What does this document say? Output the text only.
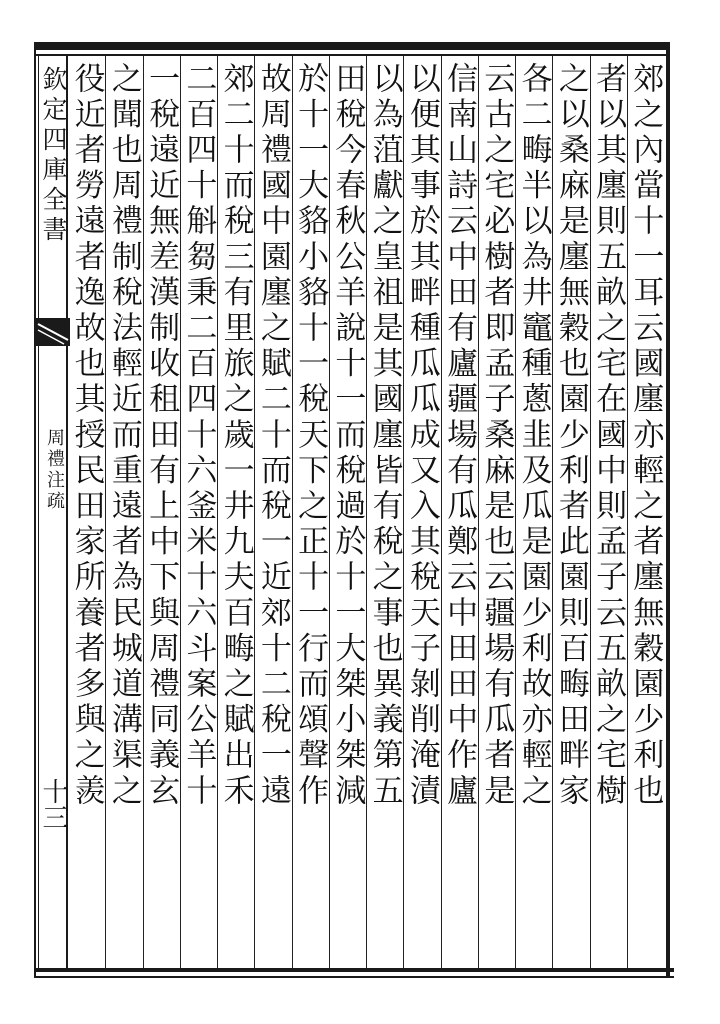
欽定四庫全書
周禮注疏
十三	郊之內當十一耳云國廛亦輕之者廛無穀園少利也
者以其廛則五畝之宅在國中則孟子云五畝之宅樹
之以桑麻是廛無穀也園少利者此園則百畮田畔家
各二畮半以為井竈種蔥韭及瓜是園少利故亦輕之
云古之宅必樹者即孟子桑麻是也云疆場有瓜者是
信南山詩云中田有廬疆場有瓜鄭云中田田中作廬
以便其事於其畔種瓜瓜成又入其稅天子剝削淹漬
以為菹獻之皇祖是其國廛皆有稅之事也異義第五
田稅今春秋公羊說十一而稅過於十一大桀小桀減
於十一大貉小貉十一稅天下之正十一行而頌聲作
故周禮國中園廛之賦二十而稅一近郊十二稅一遠
郊二十而稅三有里旅之歲一井九夫百畮之賦出禾
二百四十斛芻秉二百四十六釜米十六斗案公羊十
一稅遠近無差漢制收租田有上中下與周禮同義玄
之聞也周禮制稅法輕近而重遠者為民城道溝渠之
役近者勞遠者逸故也其授民田家所養者多與之羨
